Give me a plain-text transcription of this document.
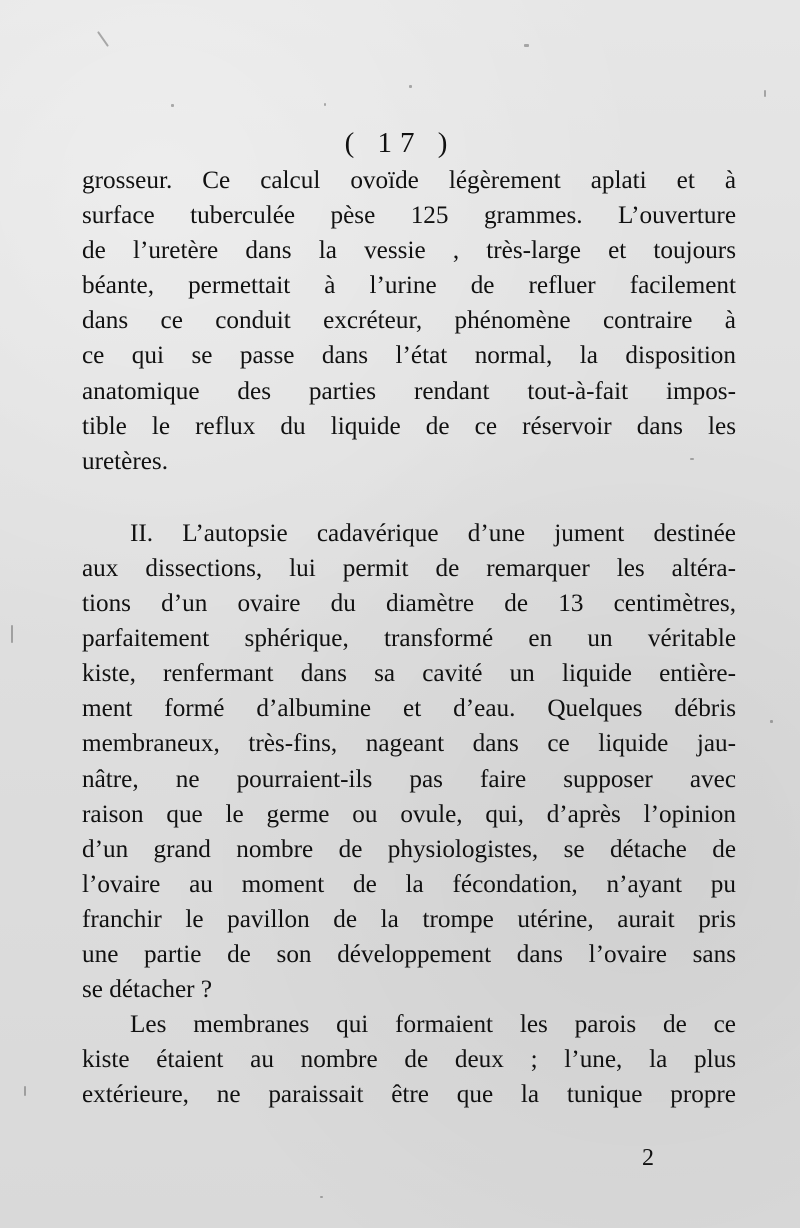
( 17 )
grosseur. Ce calcul ovoïde légèrement aplati et à
surface tuberculée pèse 125 grammes. L’ouverture
de l’uretère dans la vessie , très-large et toujours
béante, permettait à l’urine de refluer facilement
dans ce conduit excréteur, phénomène contraire à
ce qui se passe dans l’état normal, la disposition
anatomique des parties rendant tout-à-fait impos-
tible le reflux du liquide de ce réservoir dans les
uretères.
II. L’autopsie cadavérique d’une jument destinée
aux dissections, lui permit de remarquer les altéra-
tions d’un ovaire du diamètre de 13 centimètres,
parfaitement sphérique, transformé en un véritable
kiste, renfermant dans sa cavité un liquide entière-
ment formé d’albumine et d’eau. Quelques débris
membraneux, très-fins, nageant dans ce liquide jau-
nâtre, ne pourraient-ils pas faire supposer avec
raison que le germe ou ovule, qui, d’après l’opinion
d’un grand nombre de physiologistes, se détache de
l’ovaire au moment de la fécondation, n’ayant pu
franchir le pavillon de la trompe utérine, aurait pris
une partie de son développement dans l’ovaire sans
se détacher ?
Les membranes qui formaient les parois de ce
kiste étaient au nombre de deux ; l’une, la plus
extérieure, ne paraissait être que la tunique propre
2
